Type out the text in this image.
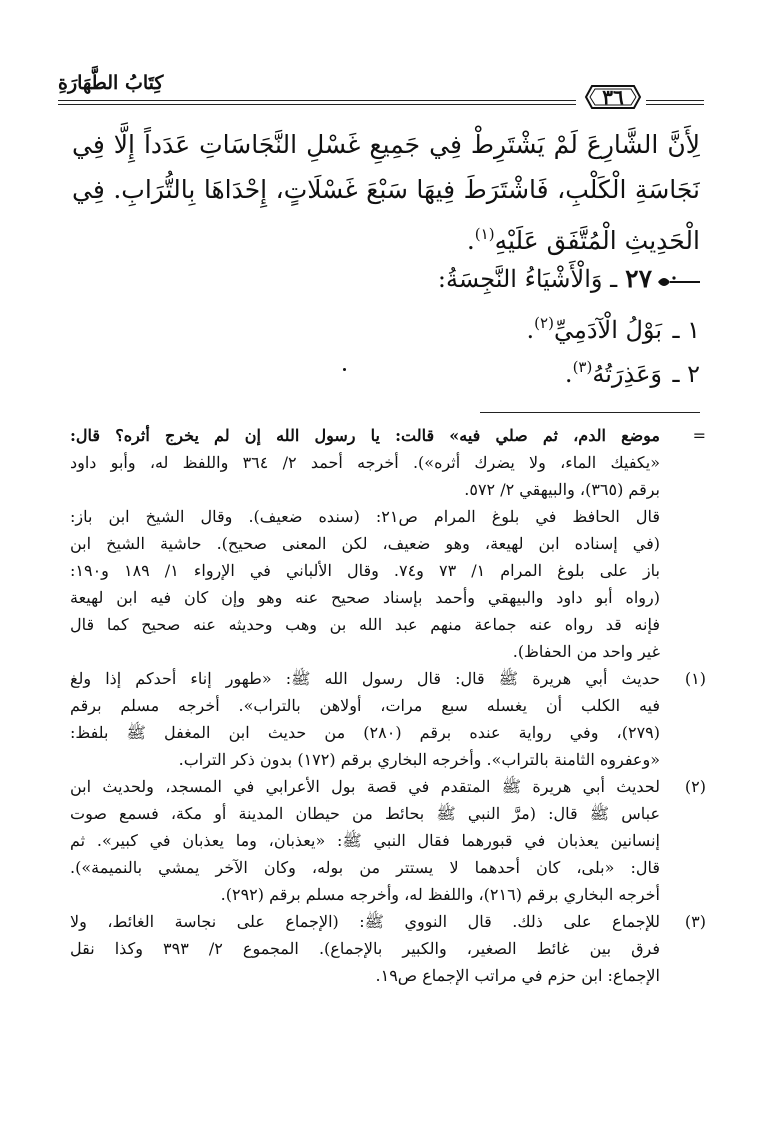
كِتَابُ الطَّهَارَةِ
٣٦
لِأَنَّ الشَّارِعَ لَمْ يَشْتَرِطْ فِي جَمِيعِ غَسْلِ النَّجَاسَاتِ عَدَداً إِلَّا فِي
نَجَاسَةِ الْكَلْبِ، فَاشْتَرَطَ فِيهَا سَبْعَ غَسْلَاتٍ، إِحْدَاهَا بِالتُّرَابِ. فِي
الْحَدِيثِ الْمُتَّفَقِ عَلَيْهِ$^{(١)}$.
٢٧ـ وَالْأَشْيَاءُ النَّجِسَةُ:
١ ـبَوْلُ الْآدَمِيِّ$^{(٢)}$.
٢ ـوَعَذِرَتُهُ$^{(٣)}$.
=
موضع الدم، ثم صلي فيه» قالت: يا رسول الله إن لم يخرج أثره؟ قال:
«يكفيك الماء، ولا يضرك أثره»). أخرجه أحمد ٢/ ٣٦٤ واللفظ له، وأبو داود
برقم (٣٦٥)، والبيهقي ٢/ ٥٧٢.
قال الحافظ في بلوغ المرام ص٢١: (سنده ضعيف). وقال الشيخ ابن باز:
(في إسناده ابن لهيعة، وهو ضعيف، لكن المعنى صحيح). حاشية الشيخ ابن
باز على بلوغ المرام ١/ ٧٣ و٧٤. وقال الألباني في الإرواء ١/ ١٨٩ و١٩٠:
(رواه أبو داود والبيهقي وأحمد بإسناد صحيح عنه وهو وإن كان فيه ابن لهيعة
فإنه قد رواه عنه جماعة منهم عبد الله بن وهب وحديثه عنه صحيح كما قال
غير واحد من الحفاظ).
(١)
حديث أبي هريرة ﷺ قال: قال رسول الله ﷺ: «طهور إناء أحدكم إذا ولغ
فيه الكلب أن يغسله سبع مرات، أولاهن بالتراب». أخرجه مسلم برقم
(٢٧٩)، وفي رواية عنده برقم (٢٨٠) من حديث ابن المغفل ﷺ بلفظ:
«وعفروه الثامنة بالتراب». وأخرجه البخاري برقم (١٧٢) بدون ذكر التراب.
(٢)
لحديث أبي هريرة ﷺ المتقدم في قصة بول الأعرابي في المسجد، ولحديث ابن
عباس ﷺ قال: (مرَّ النبي ﷺ بحائط من حيطان المدينة أو مكة، فسمع صوت
إنسانين يعذبان في قبورهما فقال النبي ﷺ: «يعذبان، وما يعذبان في كبير». ثم
قال: «بلى، كان أحدهما لا يستتر من بوله، وكان الآخر يمشي بالنميمة»).
أخرجه البخاري برقم (٢١٦)، واللفظ له، وأخرجه مسلم برقم (٢٩٢).
(٣)
للإجماع على ذلك. قال النووي ﷺ: (الإجماع على نجاسة الغائط، ولا
فرق بين غائط الصغير، والكبير بالإجماع). المجموع ٢/ ٣٩٣ وكذا نقل
الإجماع: ابن حزم في مراتب الإجماع ص١٩.
